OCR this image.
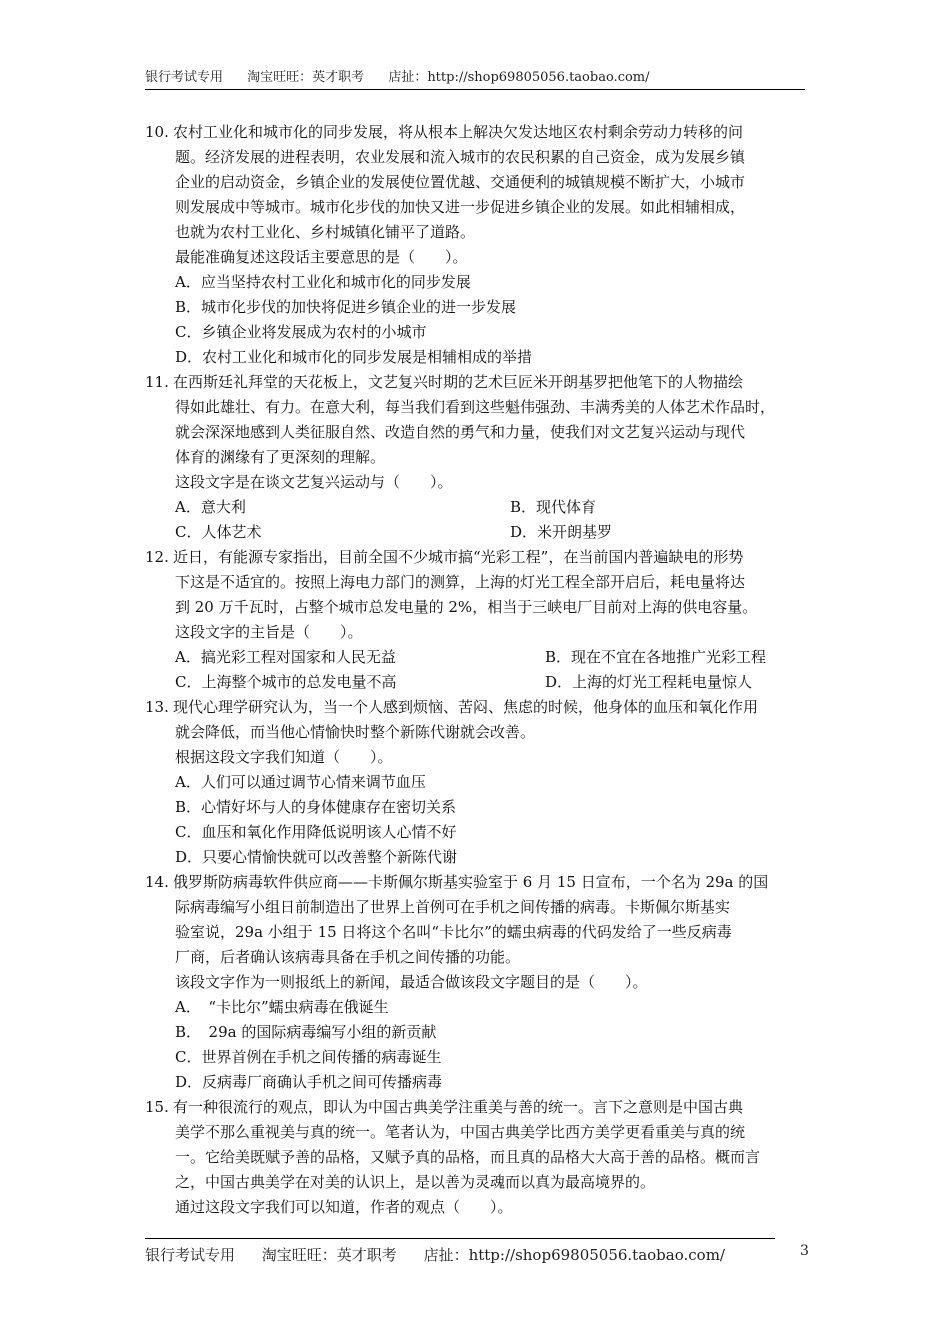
银行考试专用 淘宝旺旺：英才职考 店扯：http://shop69805056.taobao.com/
10. 农村工业化和城市化的同步发展，将从根本上解决欠发达地区农村剩余劳动力转移的问
题。经济发展的进程表明，农业发展和流入城市的农民积累的自己资金，成为发展乡镇
企业的启动资金，乡镇企业的发展使位置优越、交通便利的城镇规模不断扩大，小城市
则发展成中等城市。城市化步伐的加快又进一步促进乡镇企业的发展。如此相辅相成，
也就为农村工业化、乡村城镇化铺平了道路。
最能准确复述这段话主要意思的是（　　）。
A．应当坚持农村工业化和城市化的同步发展
B．城市化步伐的加快将促进乡镇企业的进一步发展
C．乡镇企业将发展成为农村的小城市
D．农村工业化和城市化的同步发展是相辅相成的举措
11. 在西斯廷礼拜堂的天花板上，文艺复兴时期的艺术巨匠米开朗基罗把他笔下的人物描绘
得如此雄壮、有力。在意大利，每当我们看到这些魁伟强劲、丰满秀美的人体艺术作品时，
就会深深地感到人类征服自然、改造自然的勇气和力量，使我们对文艺复兴运动与现代
体育的渊缘有了更深刻的理解。
这段文字是在谈文艺复兴运动与（　　）。
A．意大利	B．现代体育
C．人体艺术	D．米开朗基罗
12. 近日，有能源专家指出，目前全国不少城市搞“光彩工程”，在当前国内普遍缺电的形势
下这是不适宜的。按照上海电力部门的测算，上海的灯光工程全部开启后，耗电量将达
到 20 万千瓦时，占整个城市总发电量的 2%，相当于三峡电厂目前对上海的供电容量。
这段文字的主旨是（　　）。
A．搞光彩工程对国家和人民无益	B．现在不宜在各地推广光彩工程
C．上海整个城市的总发电量不高	D．上海的灯光工程耗电量惊人
13. 现代心理学研究认为，当一个人感到烦恼、苦闷、焦虑的时候，他身体的血压和氧化作用
就会降低，而当他心情愉快时整个新陈代谢就会改善。
根据这段文字我们知道（　　）。
A．人们可以通过调节心情来调节血压
B．心情好坏与人的身体健康存在密切关系
C．血压和氧化作用降低说明该人心情不好
D．只要心情愉快就可以改善整个新陈代谢
14. 俄罗斯防病毒软件供应商——卡斯佩尔斯基实验室于 6 月 15 日宣布，一个名为 29a 的国
际病毒编写小组日前制造出了世界上首例可在手机之间传播的病毒。卡斯佩尔斯基实
验室说，29a 小组于 15 日将这个名叫“卡比尔”的蠕虫病毒的代码发给了一些反病毒
厂商，后者确认该病毒具备在手机之间传播的功能。
该段文字作为一则报纸上的新闻，最适合做该段文字题目的是（　　）。
A．　“卡比尔”蠕虫病毒在俄诞生
B．　29a 的国际病毒编写小组的新贡献
C．世界首例在手机之间传播的病毒诞生
D．反病毒厂商确认手机之间可传播病毒
15. 有一种很流行的观点，即认为中国古典美学注重美与善的统一。言下之意则是中国古典
美学不那么重视美与真的统一。笔者认为，中国古典美学比西方美学更看重美与真的统
一。它给美既赋予善的品格，又赋予真的品格，而且真的品格大大高于善的品格。概而言
之，中国古典美学在对美的认识上，是以善为灵魂而以真为最高境界的。
通过这段文字我们可以知道，作者的观点（　　）。
银行考试专用 淘宝旺旺：英才职考 店扯：http://shop69805056.taobao.com/	3
